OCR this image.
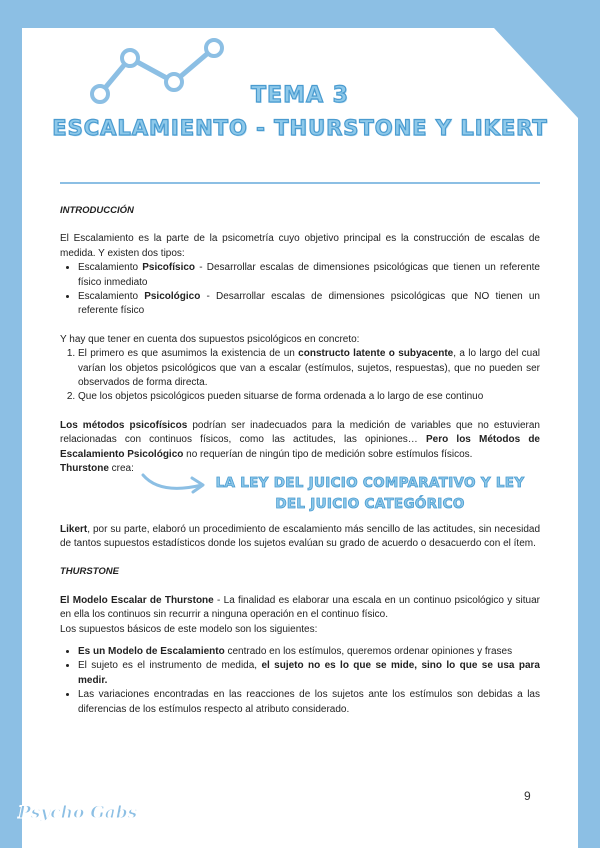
TEMA 3
ESCALAMIENTO - THURSTONE Y LIKERT

INTRODUCCIÓN

El Escalamiento es la parte de la psicometría cuyo objetivo principal es la construcción de escalas de medida. Y existen dos tipos:

• Escalamiento Psicofísico - Desarrollar escalas de dimensiones psicológicas que tienen un referente físico inmediato
• Escalamiento Psicológico - Desarrollar escalas de dimensiones psicológicas que NO tienen un referente físico

Y hay que tener en cuenta dos supuestos psicológicos en concreto:

1. El primero es que asumimos la existencia de un constructo latente o subyacente, a lo largo del cual varían los objetos psicológicos que van a escalar (estímulos, sujetos, respuestas), que no pueden ser observados de forma directa.
2. Que los objetos psicológicos pueden situarse de forma ordenada a lo largo de ese continuo

Los métodos psicofísicos podrían ser inadecuados para la medición de variables que no estuvieran relacionadas con continuos físicos, como las actitudes, las opiniones… Pero los Métodos de Escalamiento Psicológico no requerían de ningún tipo de medición sobre estímulos físicos.
Thurstone crea:

LA LEY DEL JUICIO COMPARATIVO Y LEY DEL JUICIO CATEGÓRICO

Likert, por su parte, elaboró un procedimiento de escalamiento más sencillo de las actitudes, sin necesidad de tantos supuestos estadísticos donde los sujetos evalúan su grado de acuerdo o desacuerdo con el ítem.

THURSTONE

El Modelo Escalar de Thurstone - La finalidad es elaborar una escala en un continuo psicológico y situar en ella los continuos sin recurrir a ninguna operación en el continuo físico.

Los supuestos básicos de este modelo son los siguientes:

• Es un Modelo de Escalamiento centrado en los estímulos, queremos ordenar opiniones y frases
• El sujeto es el instrumento de medida, el sujeto no es lo que se mide, sino lo que se usa para medir.
• Las variaciones encontradas en las reacciones de los sujetos ante los estímulos son debidas a las diferencias de los estímulos respecto al atributo considerado.
9
Psycho Gabs
